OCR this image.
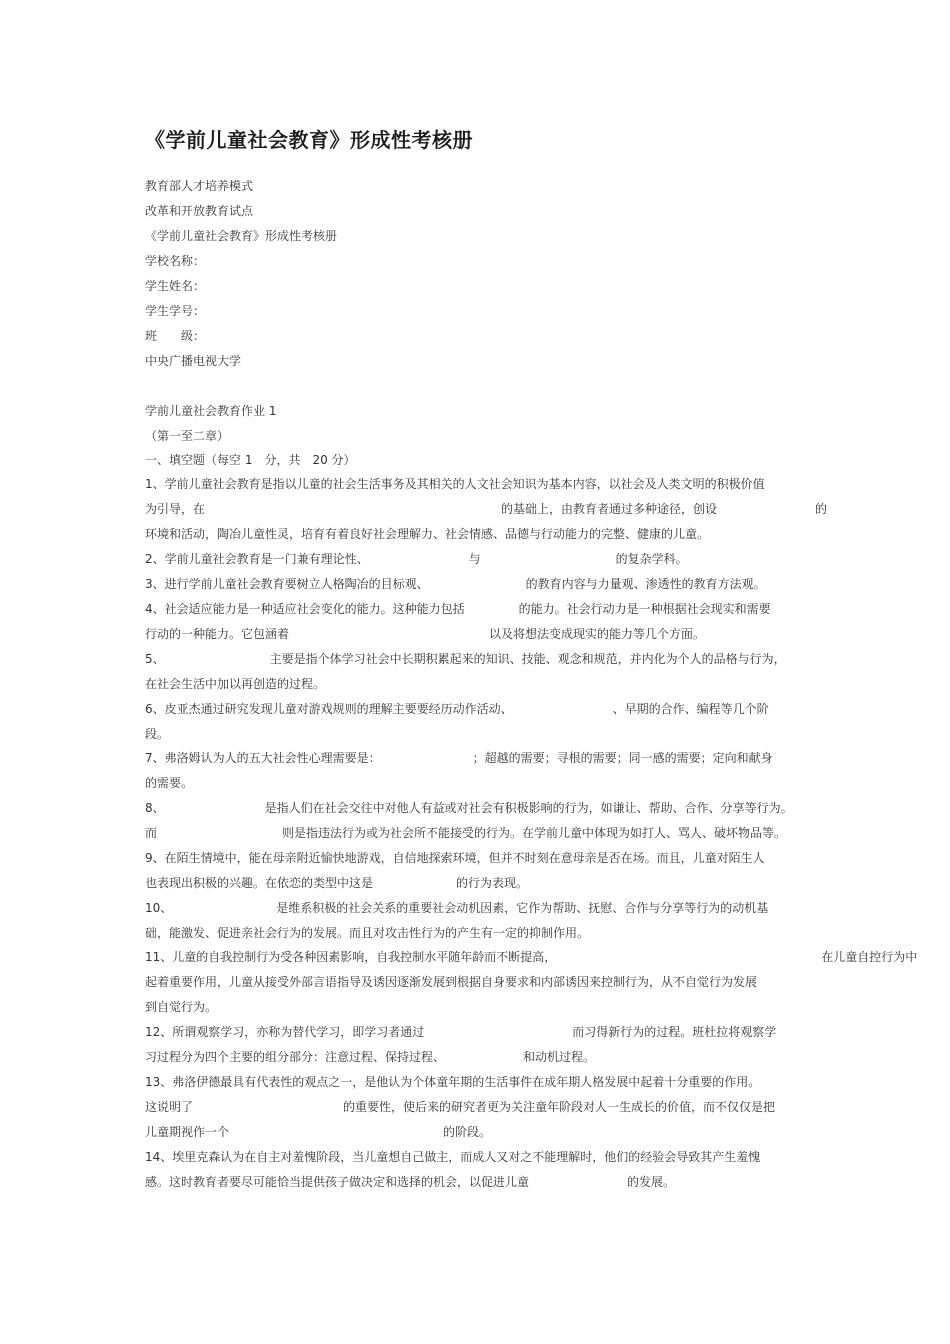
《学前儿童社会教育》形成性考核册
教育部人才培养模式
改革和开放教育试点
《学前儿童社会教育》形成性考核册
学校名称：
学生姓名：
学生学号：
班　　级：
中央广播电视大学
学前儿童社会教育作业 1
（第一至二章）
一、填空题（每空 1　分，共　20 分）
1、学前儿童社会教育是指以儿童的社会生活事务及其相关的人文社会知识为基本内容，以社会及人类文明的积极价值
为引导，在	的基础上，由教育者通过多种途径，创设	的
环境和活动，陶冶儿童性灵，培育有着良好社会理解力、社会情感、品德与行动能力的完整、健康的儿童。
2、学前儿童社会教育是一门兼有理论性、	与	的复杂学科。
3、进行学前儿童社会教育要树立人格陶冶的目标观、	的教育内容与力量观、渗透性的教育方法观。
4、社会适应能力是一种适应社会变化的能力。这种能力包括	的能力。社会行动力是一种根据社会现实和需要
行动的一种能力。它包涵着	以及将想法变成现实的能力等几个方面。
5、	主要是指个体学习社会中长期积累起来的知识、技能、观念和规范，并内化为个人的品格与行为，
在社会生活中加以再创造的过程。
6、皮亚杰通过研究发现儿童对游戏规则的理解主要要经历动作活动、	、早期的合作、编程等几个阶
段。
7、弗洛姆认为人的五大社会性心理需要是：	；超越的需要；寻根的需要；同一感的需要；定向和献身
的需要。
8、	是指人们在社会交往中对他人有益或对社会有积极影响的行为，如谦让、帮助、合作、分享等行为。
而	则是指违法行为或为社会所不能接受的行为。在学前儿童中体现为如打人、骂人、破坏物品等。
9、在陌生情境中，能在母亲附近愉快地游戏，自信地探索环境，但并不时刻在意母亲是否在场。而且，儿童对陌生人
也表现出积极的兴趣。在依恋的类型中这是	的行为表现。
10、	是维系积极的社会关系的重要社会动机因素，它作为帮助、抚慰、合作与分享等行为的动机基
础，能激发、促进亲社会行为的发展。而且对攻击性行为的产生有一定的抑制作用。
11、儿童的自我控制行为受各种因素影响，自我控制水平随年龄而不断提高，	在儿童自控行为中
起着重要作用，儿童从接受外部言语指导及诱因逐渐发展到根据自身要求和内部诱因来控制行为，从不自觉行为发展
到自觉行为。
12、所谓观察学习，亦称为替代学习，即学习者通过	而习得新行为的过程。班杜拉将观察学
习过程分为四个主要的组分部分：注意过程、保持过程、	和动机过程。
13、弗洛伊德最具有代表性的观点之一，是他认为个体童年期的生活事件在成年期人格发展中起着十分重要的作用。
这说明了	的重要性，使后来的研究者更为关注童年阶段对人一生成长的价值，而不仅仅是把
儿童期视作一个	的阶段。
14、埃里克森认为在自主对羞愧阶段，当儿童想自己做主，而成人又对之不能理解时，他们的经验会导致其产生羞愧
感。这时教育者要尽可能恰当提供孩子做决定和选择的机会，以促进儿童	的发展。
